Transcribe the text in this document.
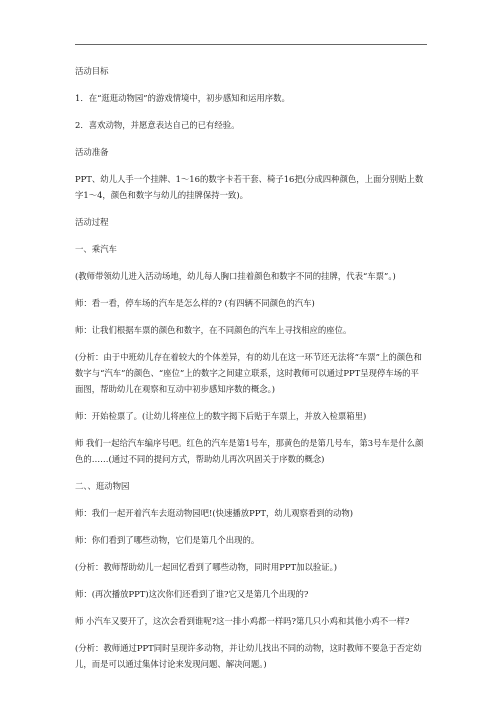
活动目标

1．在“逛逛动物园”的游戏情境中，初步感知和运用序数。

2．喜欢动物，并愿意表达自己的已有经验。

活动准备

PPT、幼儿人手一个挂牌、1～16的数字卡若干套、椅子16把(分成四种颜色，上面分别贴上数字1～4，颜色和数字与幼儿的挂牌保持一致)。

活动过程

一、乘汽车

(教师带领幼儿进入活动场地，幼儿每人胸口挂着颜色和数字不同的挂牌，代表“车票”。)

师：看一看，停车场的汽车是怎么样的? (有四辆不同颜色的汽车)

师：让我们根据车票的颜色和数字，在不同颜色的汽车上寻找相应的座位。

(分析：由于中班幼儿存在着较大的个体差异，有的幼儿在这一环节还无法将“车票”上的颜色和数字与“汽车”的颜色、“座位”上的数字之间建立联系，这时教师可以通过PPT呈现停车场的平面图，帮助幼儿在观察和互动中初步感知序数的概念。)

师：开始检票了。(让幼儿将座位上的数字揭下后贴于车票上，并放入检票箱里)

师 我们一起给汽车编序号吧。红色的汽车是第1号车，那黄色的是第几号车，第3号车是什么颜色的……(通过不同的提问方式，帮助幼儿再次巩固关于序数的概念)

二、、逛动物园

师：我们一起开着汽车去逛动物园吧!(快速播放PPT，幼儿观察看到的动物)

师：你们看到了哪些动物，它们是第几个出现的。

(分析：教师帮助幼儿一起回忆看到了哪些动物，同时用PPT加以验证。)

师：(再次播放PPT)这次你们还看到了谁?它又是第几个出现的?

师 小汽车又要开了，这次会看到谁呢?这一排小鸡都一样吗?第几只小鸡和其他小鸡不一样?

(分析：教师通过PPT同时呈现许多动物，并让幼儿找出不同的动物，这时教师不要急于否定幼儿，而是可以通过集体讨论来发现问题、解决问题。)
